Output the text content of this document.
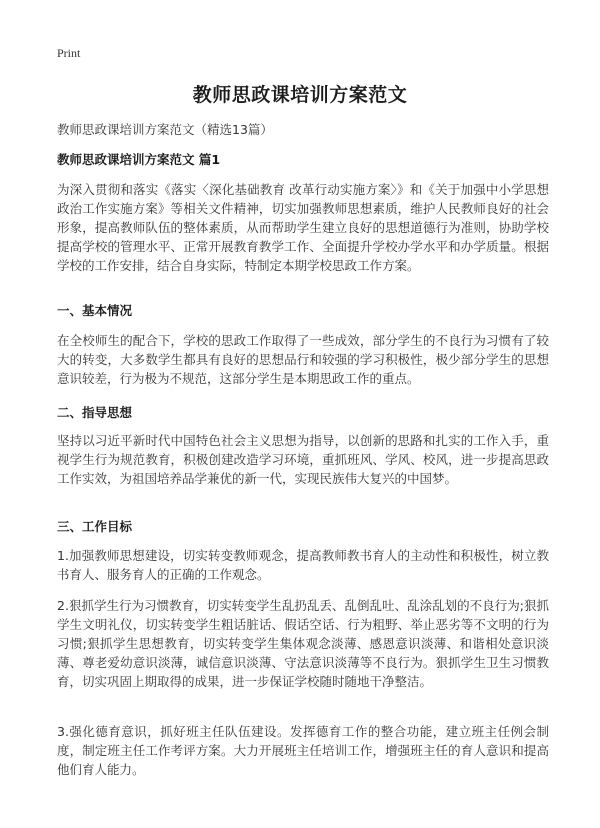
Print
教师思政课培训方案范文
教师思政课培训方案范文（精选13篇）
教师思政课培训方案范文 篇1

为深入贯彻和落实《落实〈深化基础教育 改革行动实施方案〉》和《关于加强中小学思想政治工作实施方案》等相关文件精神，切实加强教师思想素质，维护人民教师良好的社会形象，提高教师队伍的整体素质，从而帮助学生建立良好的思想道德行为准则，协助学校提高学校的管理水平、正常开展教育教学工作、全面提升学校办学水平和办学质量。根据学校的工作安排，结合自身实际，特制定本期学校思政工作方案。

一、基本情况

在全校师生的配合下，学校的思政工作取得了一些成效，部分学生的不良行为习惯有了较大的转变，大多数学生都具有良好的思想品行和较强的学习积极性，极少部分学生的思想意识较差，行为极为不规范，这部分学生是本期思政工作的重点。

二、指导思想

坚持以习近平新时代中国特色社会主义思想为指导，以创新的思路和扎实的工作入手，重视学生行为规范教育，积极创建改造学习环境，重抓班风、学风、校风，进一步提高思政工作实效，为祖国培养品学兼优的新一代，实现民族伟大复兴的中国梦。

三、工作目标

1.加强教师思想建设，切实转变教师观念，提高教师教书育人的主动性和积极性，树立教书育人、服务育人的正确的工作观念。

2.狠抓学生行为习惯教育，切实转变学生乱扔乱丢、乱倒乱吐、乱涂乱划的不良行为;狠抓学生文明礼仪，切实转变学生粗话脏话、假话空话、行为粗野、举止恶劣等不文明的行为习惯;狠抓学生思想教育，切实转变学生集体观念淡薄、感恩意识淡薄、和谐相处意识淡薄、尊老爱幼意识淡薄，诚信意识淡薄、守法意识淡薄等不良行为。狠抓学生卫生习惯教育，切实巩固上期取得的成果，进一步保证学校随时随地干净整洁。

3.强化德育意识，抓好班主任队伍建设。发挥德育工作的整合功能，建立班主任例会制度，制定班主任工作考评方案。大力开展班主任培训工作，增强班主任的育人意识和提高他们育人能力。
